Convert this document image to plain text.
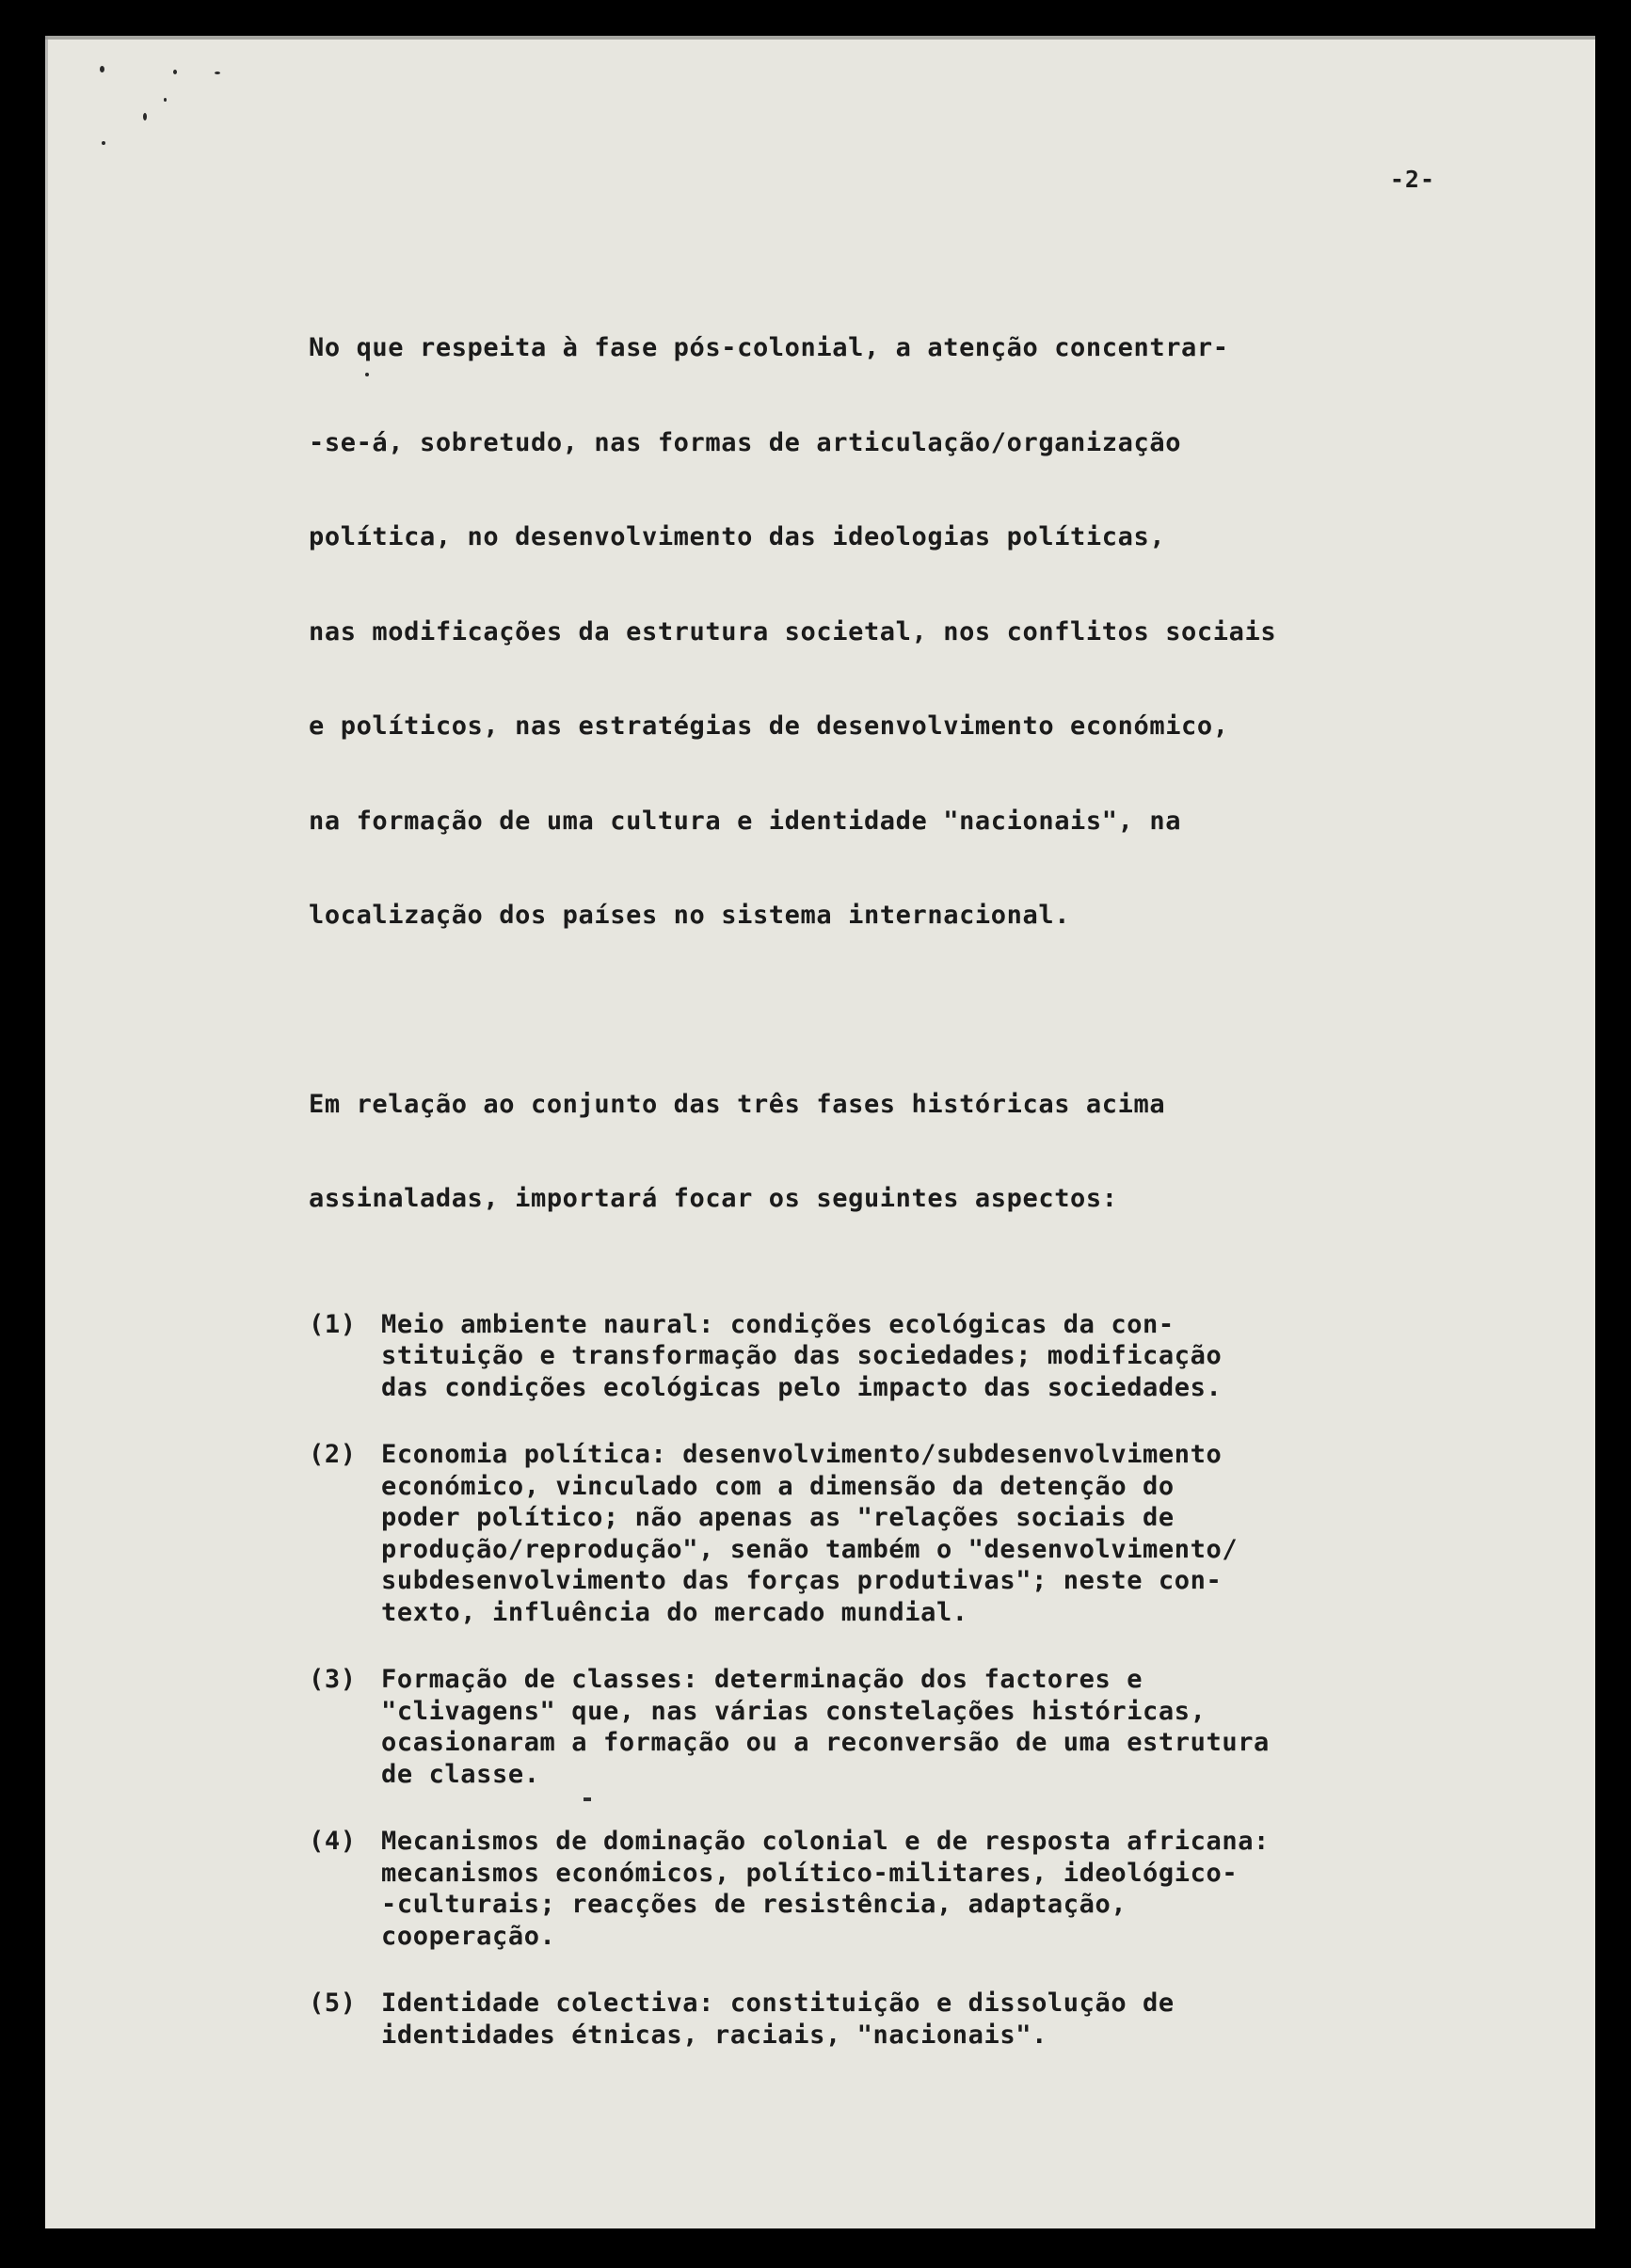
-2-

No que respeita à fase pós-colonial, a atenção concentrar-

-se-á, sobretudo, nas formas de articulação/organização

política, no desenvolvimento das ideologias políticas,

nas modificações da estrutura societal, nos conflitos sociais

e políticos, nas estratégias de desenvolvimento económico,

na formação de uma cultura e identidade "nacionais", na

localização dos países no sistema internacional.

Em relação ao conjunto das três fases históricas acima

assinaladas, importará focar os seguintes aspectos:

(1) Meio ambiente naural: condições ecológicas da con-
stituição e transformação das sociedades; modificação
das condições ecológicas pelo impacto das sociedades.
(2) Economia política: desenvolvimento/subdesenvolvimento
económico, vinculado com a dimensão da detenção do
poder político; não apenas as "relações sociais de
produção/reprodução", senão também o "desenvolvimento/
subdesenvolvimento das forças produtivas"; neste con-
texto, influência do mercado mundial.
(3) Formação de classes: determinação dos factores e
"clivagens" que, nas várias constelações históricas,
ocasionaram a formação ou a reconversão de uma estrutura
de classe.
(4) Mecanismos de dominação colonial e de resposta africana:
mecanismos económicos, político-militares, ideológico-
-culturais; reacções de resistência, adaptação,
cooperação.
(5) Identidade colectiva: constituição e dissolução de
identidades étnicas, raciais, "nacionais".
